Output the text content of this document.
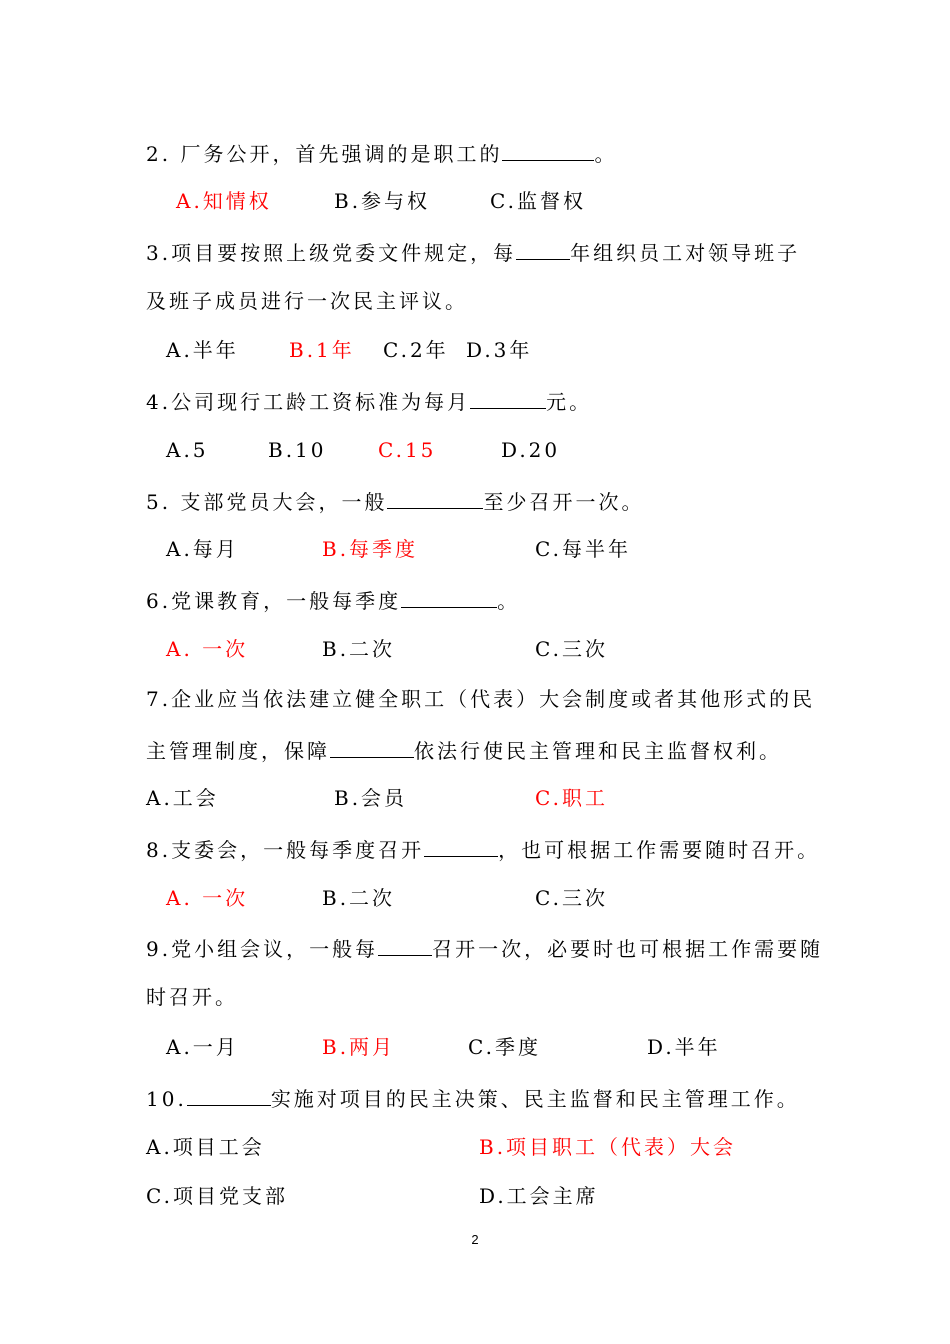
2. 厂务公开，首先强调的是职工的	。
A.知情权	B.参与权	C.监督权
3.项目要按照上级党委文件规定，每	年组织员工对领导班子
及班子成员进行一次民主评议。
A.半年	B.1年 C.2年 D.3年
4.公司现行工龄工资标准为每月	元。
A.5	B.10	C.15	D.20
5. 支部党员大会，一般	至少召开一次。
A.每月	B.每季度	C.每半年
6.党课教育，一般每季度	。
A. 一次	B.二次	C.三次
7.企业应当依法建立健全职工（代表）大会制度或者其他形式的民
主管理制度，保障	依法行使民主管理和民主监督权利。
A.工会	B.会员	C.职工
8.支委会，一般每季度召开	，也可根据工作需要随时召开。
A. 一次	B.二次	C.三次
9.党小组会议，一般每	召开一次，必要时也可根据工作需要随
时召开。
A.一月	B.两月	C.季度	D.半年
10.	实施对项目的民主决策、民主监督和民主管理工作。
A.项目工会	B.项目职工（代表）大会
C.项目党支部	D.工会主席
2
